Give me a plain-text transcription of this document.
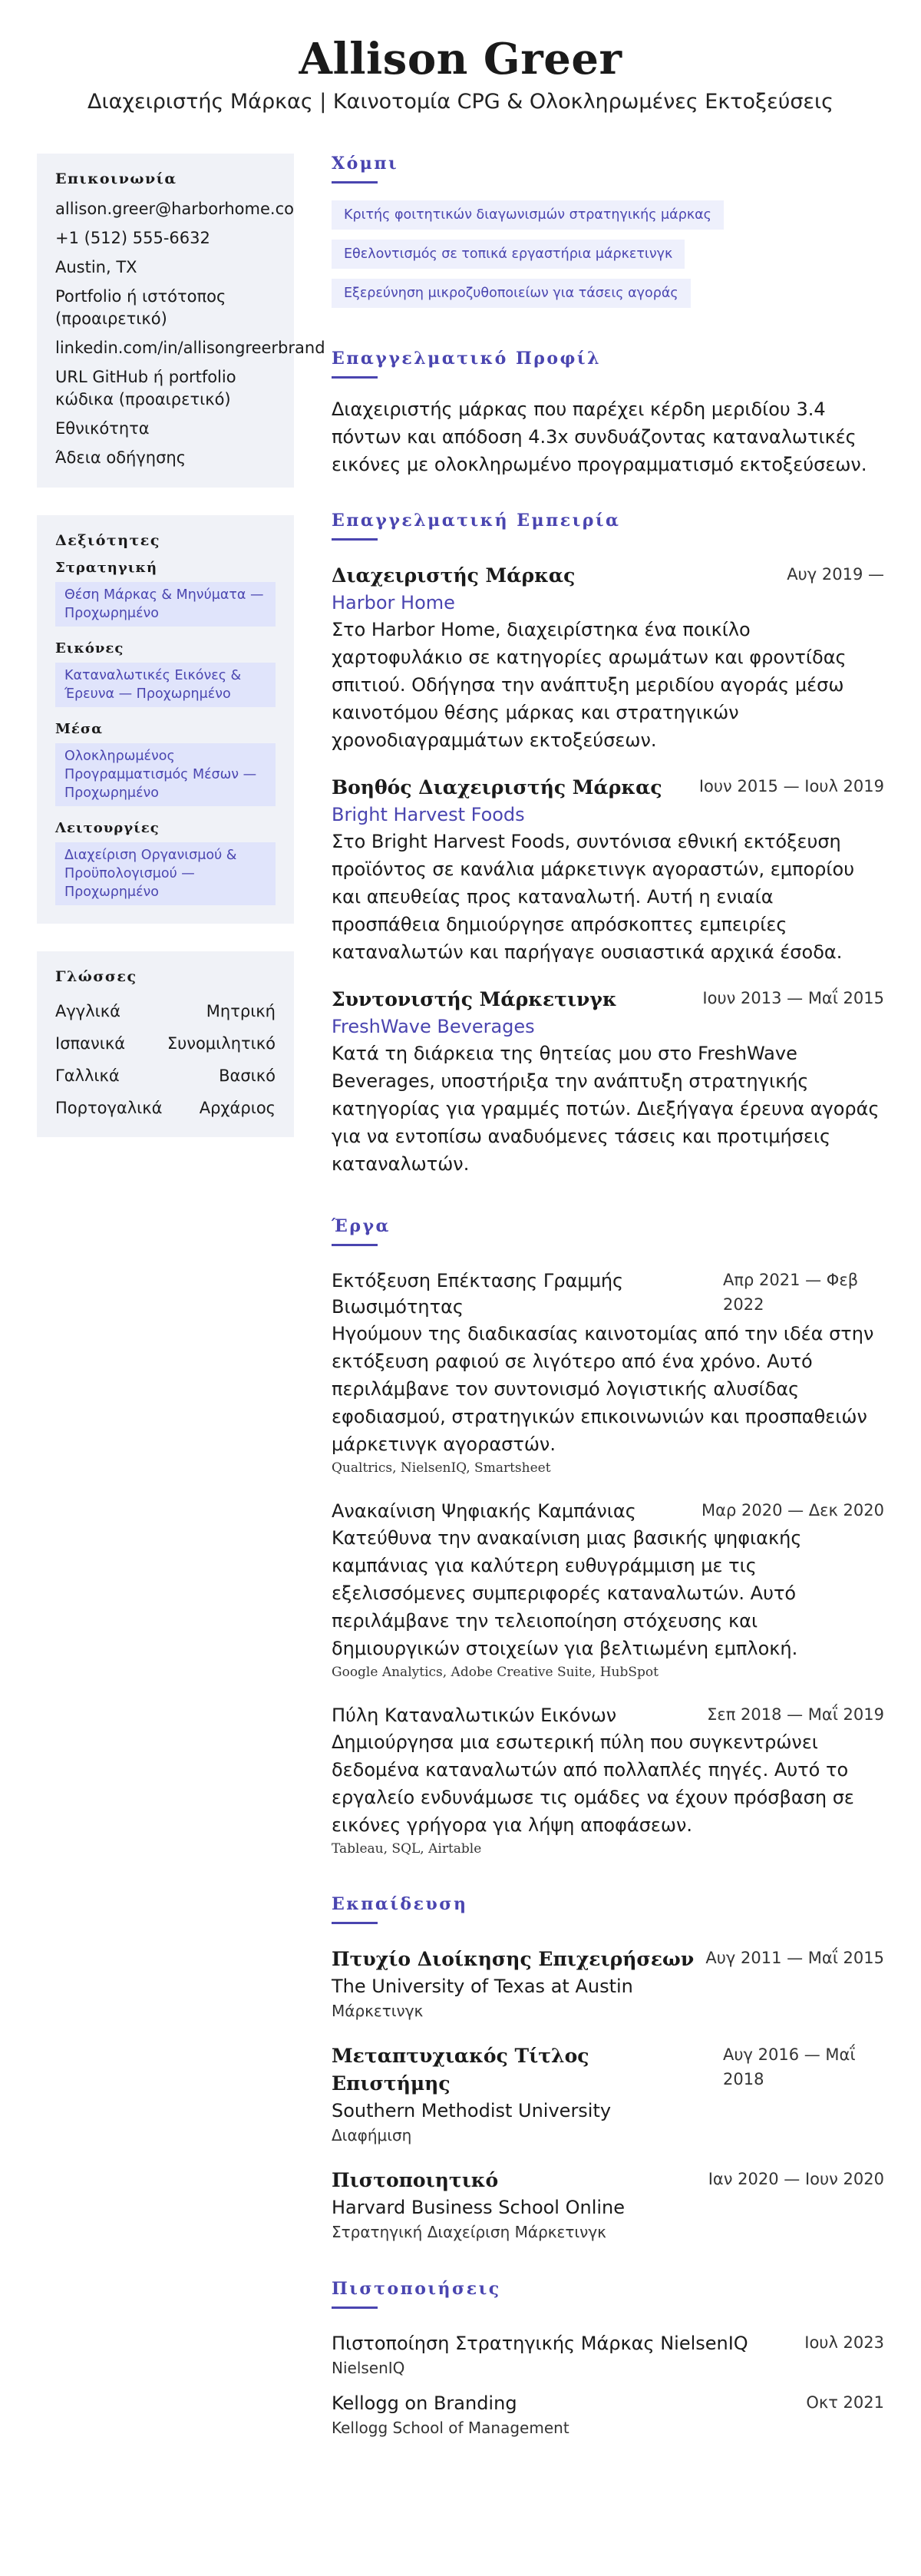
Allison Greer
Διαχειριστής Μάρκας | Καινοτομία CPG & Ολοκληρωμένες Εκτοξεύσεις
Επικοινωνία
allison.greer@harborhome.co
+1 (512) 555-6632
Austin, TX
Portfolio ή ιστότοπος (προαιρετικό)
linkedin.com/in/allisongreerbrand
URL GitHub ή portfolio κώδικα (προαιρετικό)
Εθνικότητα
Άδεια οδήγησης
Δεξιότητες
Στρατηγική
Θέση Μάρκας & Μηνύματα — Προχωρημένο
Εικόνες
Καταναλωτικές Εικόνες & Έρευνα — Προχωρημένο
Μέσα
Ολοκληρωμένος Προγραμματισμός Μέσων — Προχωρημένο
Λειτουργίες
Διαχείριση Οργανισμού & Προϋπολογισμού — Προχωρημένο
Γλώσσες
Αγγλικά	Μητρική
Ισπανικά	Συνομιλητικό
Γαλλικά	Βασικό
Πορτογαλικά Αρχάριος
Χόμπι
Κριτής φοιτητικών διαγωνισμών στρατηγικής μάρκας
Εθελοντισμός σε τοπικά εργαστήρια μάρκετινγκ
Εξερεύνηση μικροζυθοποιείων για τάσεις αγοράς
Επαγγελματικό Προφίλ

Διαχειριστής μάρκας που παρέχει κέρδη μεριδίου 3.4 πόντων και απόδοση 4.3x συνδυάζοντας καταναλωτικές εικόνες με ολοκληρωμένο προγραμματισμό εκτοξεύσεων.

Επαγγελματική Εμπειρία
Διαχειριστής Μάρκας	Αυγ 2019 —
Harbor Home

Στο Harbor Home, διαχειρίστηκα ένα ποικίλο χαρτοφυλάκιο σε κατηγορίες αρωμάτων και φροντίδας σπιτιού. Οδήγησα την ανάπτυξη μεριδίου αγοράς μέσω καινοτόμου θέσης μάρκας και στρατηγικών χρονοδιαγραμμάτων εκτοξεύσεων.

Βοηθός Διαχειριστής Μάρκας Ιουν 2015 — Ιουλ 2019
Bright Harvest Foods

Στο Bright Harvest Foods, συντόνισα εθνική εκτόξευση προϊόντος σε κανάλια μάρκετινγκ αγοραστών, εμπορίου και απευθείας προς καταναλωτή. Αυτή η ενιαία προσπάθεια δημιούργησε απρόσκοπτες εμπειρίες καταναλωτών και παρήγαγε ουσιαστικά αρχικά έσοδα.

Συντονιστής Μάρκετινγκ	Ιουν 2013 — Μαΐ 2015
FreshWave Beverages

Κατά τη διάρκεια της θητείας μου στο FreshWave Beverages, υποστήριξα την ανάπτυξη στρατηγικής κατηγορίας για γραμμές ποτών. Διεξήγαγα έρευνα αγοράς για να εντοπίσω αναδυόμενες τάσεις και προτιμήσεις καταναλωτών.

Έργα
Εκτόξευση Επέκτασης Γραμμής Βιωσιμότητας
Απρ 2021 — Φεβ 2022

Ηγούμουν της διαδικασίας καινοτομίας από την ιδέα στην εκτόξευση ραφιού σε λιγότερο από ένα χρόνο. Αυτό περιλάμβανε τον συντονισμό λογιστικής αλυσίδας εφοδιασμού, στρατηγικών επικοινωνιών και προσπαθειών μάρκετινγκ αγοραστών.

Qualtrics, NielsenIQ, Smartsheet
Ανακαίνιση Ψηφιακής Καμπάνιας	Μαρ 2020 — Δεκ 2020

Κατεύθυνα την ανακαίνιση μιας βασικής ψηφιακής καμπάνιας για καλύτερη ευθυγράμμιση με τις εξελισσόμενες συμπεριφορές καταναλωτών. Αυτό περιλάμβανε την τελειοποίηση στόχευσης και δημιουργικών στοιχείων για βελτιωμένη εμπλοκή.

Google Analytics, Adobe Creative Suite, HubSpot
Πύλη Καταναλωτικών Εικόνων	Σεπ 2018 — Μαΐ 2019

Δημιούργησα μια εσωτερική πύλη που συγκεντρώνει δεδομένα καταναλωτών από πολλαπλές πηγές. Αυτό το εργαλείο ενδυνάμωσε τις ομάδες να έχουν πρόσβαση σε εικόνες γρήγορα για λήψη αποφάσεων.

Tableau, SQL, Airtable
Εκπαίδευση
Πτυχίο Διοίκησης Επιχειρήσεων Αυγ 2011 — Μαΐ 2015
The University of Texas at Austin
Μάρκετινγκ
Μεταπτυχιακός Τίτλος Επιστήμης
Αυγ 2016 — Μαΐ 2018
Southern Methodist University
Διαφήμιση
Πιστοποιητικό	Ιαν 2020 — Ιουν 2020
Harvard Business School Online
Στρατηγική Διαχείριση Μάρκετινγκ
Πιστοποιήσεις
Πιστοποίηση Στρατηγικής Μάρκας NielsenIQ	Ιουλ 2023
NielsenIQ
Kellogg on Branding	Οκτ 2021
Kellogg School of Management
